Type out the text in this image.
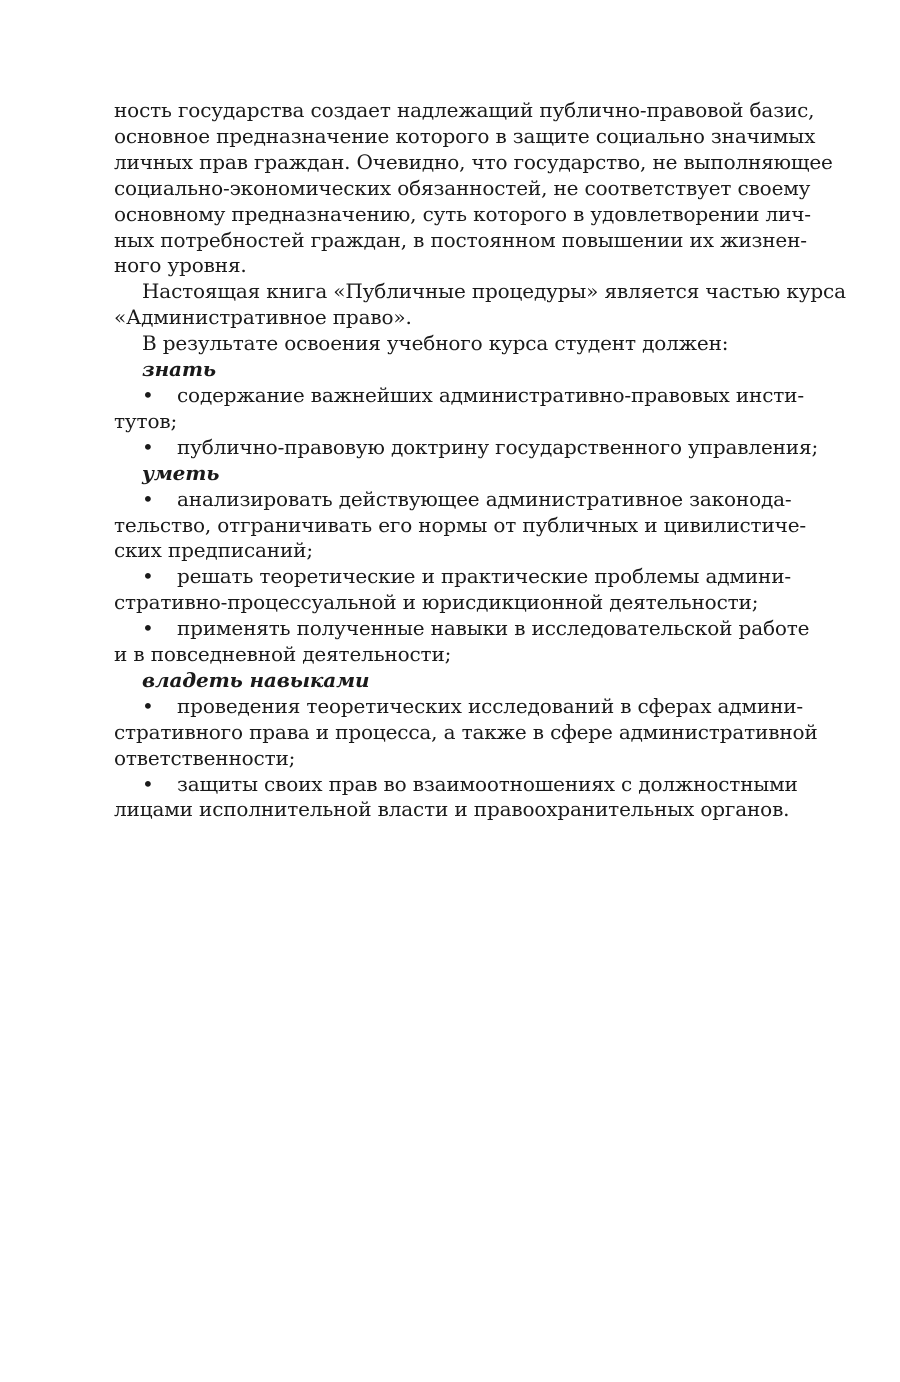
ность государства создает надлежащий публично-правовой базис,
основное предназначение которого в защите социально значимых
личных прав граждан. Очевидно, что государство, не выполняющее
социально-экономических обязанностей, не соответствует своему
основному предназначению, суть которого в удовлетворении лич-
ных потребностей граждан, в постоянном повышении их жизнен-
ного уровня.
Настоящая книга «Публичные процедуры» является частью курса
«Административное право».
В результате освоения учебного курса студент должен:
знать
• содержание важнейших административно-правовых инсти-
тутов;
• публично-правовую доктрину государственного управления;
уметь
• анализировать действующее административное законода-
тельство, отграничивать его нормы от публичных и цивилистиче-
ских предписаний;
• решать теоретические и практические проблемы админи-
стративно-процессуальной и юрисдикционной деятельности;
• применять полученные навыки в исследовательской работе
и в повседневной деятельности;
владеть навыками
• проведения теоретических исследований в сферах админи-
стративного права и процесса, а также в сфере административной
ответственности;
• защиты своих прав во взаимоотношениях с должностными
лицами исполнительной власти и правоохранительных органов.
